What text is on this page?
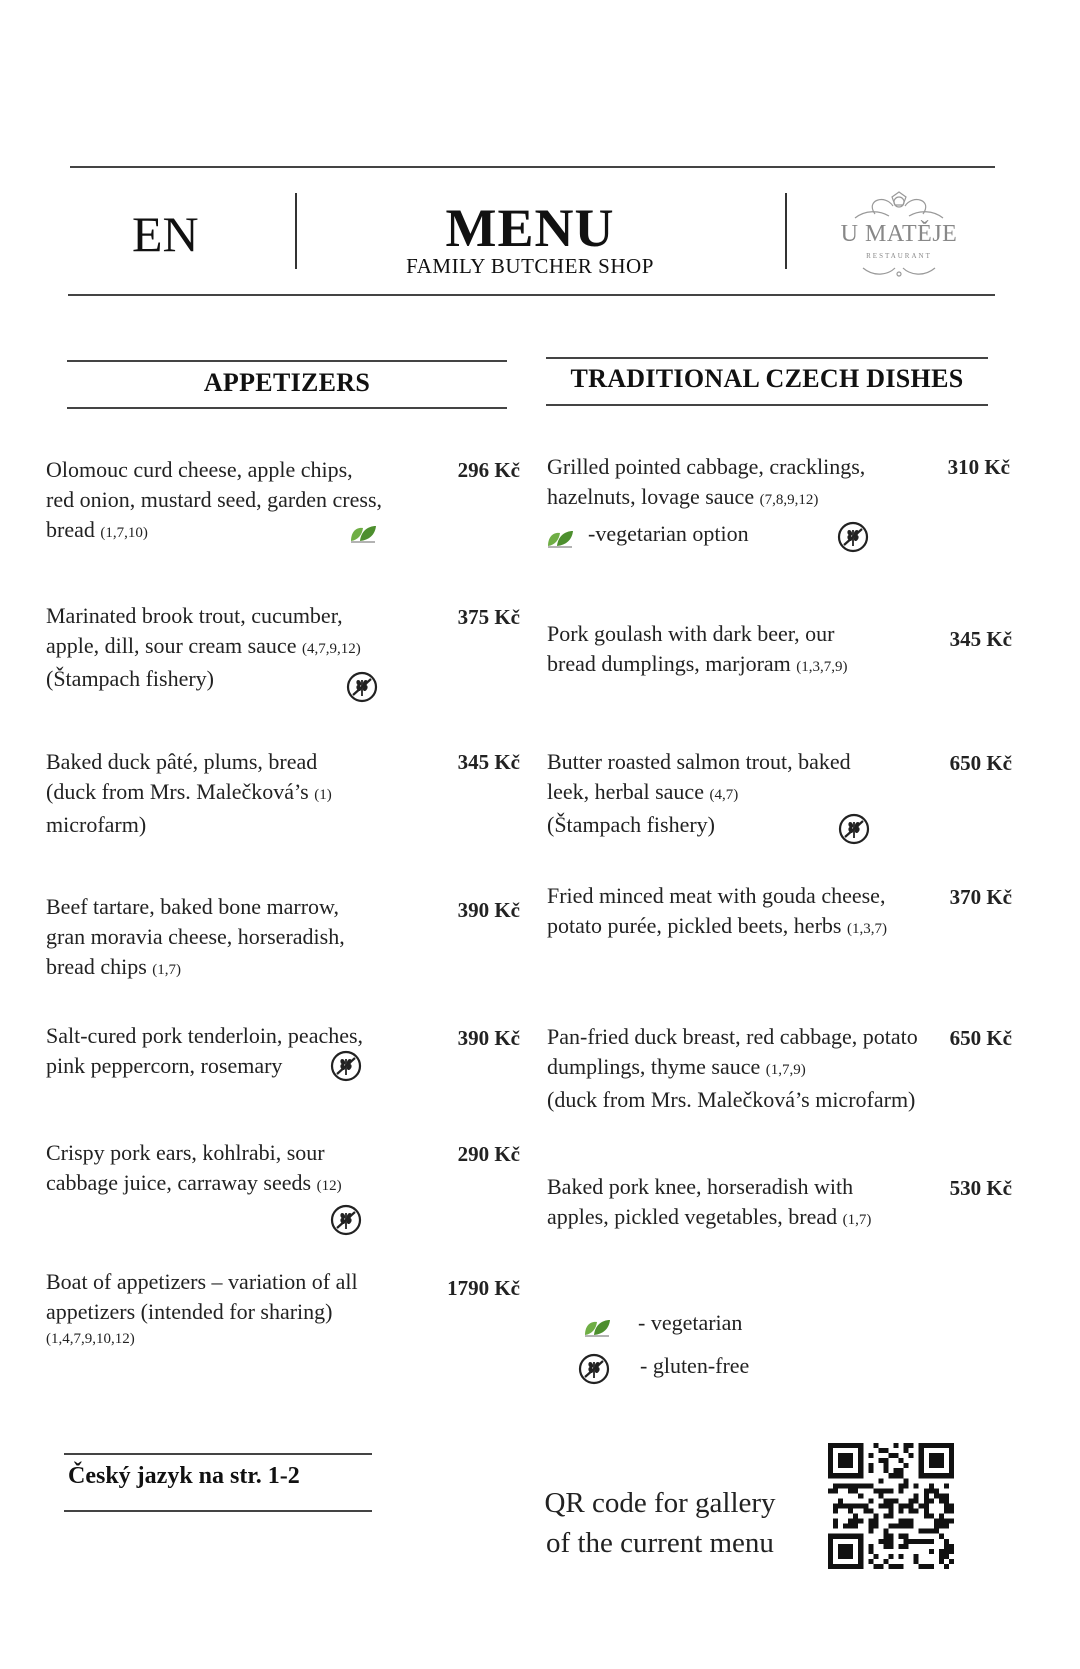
EN	MENU
FAMILY BUTCHER SHOP
U MATĚJE
RESTAURANT
APPETIZERS	TRADITIONAL CZECH DISHES
Olomouc curd cheese, apple chips,
red onion, mustard seed, garden cress,
bread (1,7,10)
296 Kč
Marinated brook trout, cucumber,
apple, dill, sour cream sauce (4,7,9,12)
(Štampach fishery)
375 Kč
Baked duck pâté, plums, bread
(duck from Mrs. Malečková’s (1)
microfarm)
345 Kč
Beef tartare, baked bone marrow,
gran moravia cheese, horseradish,
bread chips (1,7)
390 Kč
Salt-cured pork tenderloin, peaches,
pink peppercorn, rosemary
390 Kč
Crispy pork ears, kohlrabi, sour
cabbage juice, carraway seeds (12)
290 Kč
Boat of appetizers – variation of all
appetizers (intended for sharing)
(1,4,7,9,10,12)
1790 Kč
Grilled pointed cabbage, cracklings,
hazelnuts, lovage sauce (7,8,9,12)
310 Kč
-vegetarian option
Pork goulash with dark beer, our
bread dumplings, marjoram (1,3,7,9)
345 Kč
Butter roasted salmon trout, baked
leek, herbal sauce (4,7)
(Štampach fishery)
650 Kč
Fried minced meat with gouda cheese,
potato purée, pickled beets, herbs (1,3,7)
370 Kč
Pan-fried duck breast, red cabbage, potato
dumplings, thyme sauce (1,7,9)
(duck from Mrs. Malečková’s microfarm)
650 Kč
Baked pork knee, horseradish with
apples, pickled vegetables, bread (1,7)
530 Kč
- vegetarian
- gluten-free
Český jazyk na str. 1-2
QR code for gallery
of the current menu
